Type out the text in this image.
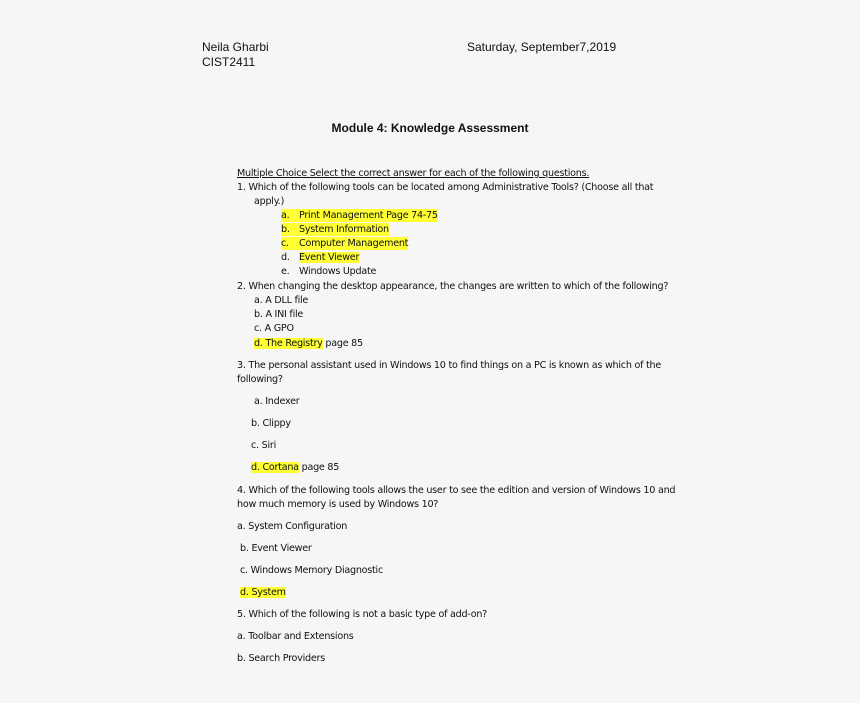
Neila Gharbi
CIST2411
Saturday, September7,2019
Module 4: Knowledge Assessment
Multiple Choice Select the correct answer for each of the following questions.
1. Which of the following tools can be located among Administrative Tools? (Choose all that
apply.)
a. Print Management Page 74-75
b. System Information
c. Computer Management
d. Event Viewer
e. Windows Update
2. When changing the desktop appearance, the changes are written to which of the following?
a. A DLL file
b. A INI file
c. A GPO
d. The Registry page 85
3. The personal assistant used in Windows 10 to find things on a PC is known as which of the
following?
a. Indexer
b. Clippy
c. Siri
d. Cortana page 85
4. Which of the following tools allows the user to see the edition and version of Windows 10 and
how much memory is used by Windows 10?
a. System Configuration
b. Event Viewer
c. Windows Memory Diagnostic
d. System
5. Which of the following is not a basic type of add-on?
a. Toolbar and Extensions
b. Search Providers
